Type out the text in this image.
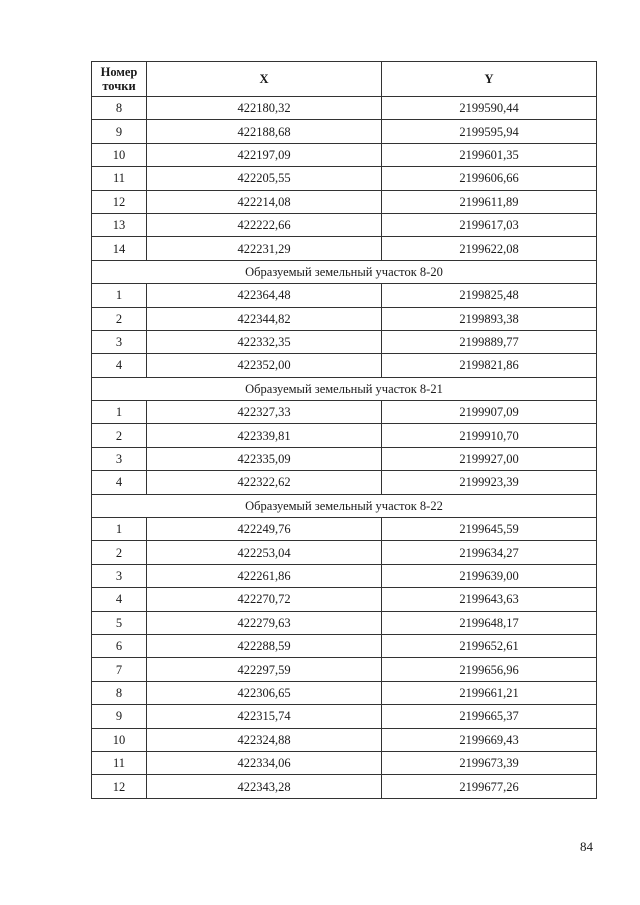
Номер
точки	X	Y
8	422180,32	2199590,44
9	422188,68	2199595,94
10	422197,09	2199601,35
11	422205,55	2199606,66
12	422214,08	2199611,89
13	422222,66	2199617,03
14	422231,29	2199622,08
Образуемый земельный участок 8-20		
1	422364,48	2199825,48
2	422344,82	2199893,38
3	422332,35	2199889,77
4	422352,00	2199821,86
Образуемый земельный участок 8-21		
1	422327,33	2199907,09
2	422339,81	2199910,70
3	422335,09	2199927,00
4	422322,62	2199923,39
Образуемый земельный участок 8-22		
1	422249,76	2199645,59
2	422253,04	2199634,27
3	422261,86	2199639,00
4	422270,72	2199643,63
5	422279,63	2199648,17
6	422288,59	2199652,61
7	422297,59	2199656,96
8	422306,65	2199661,21
9	422315,74	2199665,37
10	422324,88	2199669,43
11	422334,06	2199673,39
12	422343,28	2199677,26
84
